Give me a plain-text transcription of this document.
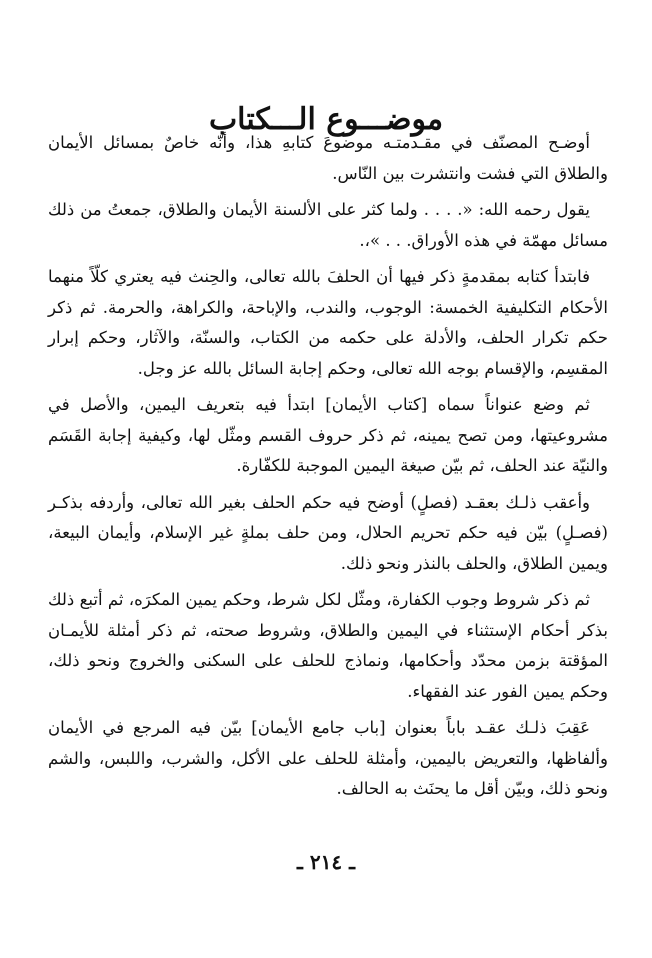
موضـــوع الـــكتاب

أوضـح المصنّف في مقـدمتـه موضوعَ كتابهِ هذا، وأنّه خاصٌ بمسائل الأيمان والطلاق التي فشت وانتشرت بين النّاس.

يقول رحمه الله: «. . . . ولما كثر على الألسنة الأيمان والطلاق، جمعتُ من ذلك مسائل مهمّة في هذه الأوراق. . . »،.

فابتدأ كتابه بمقدمةٍ ذكر فيها أن الحلفَ بالله تعالى، والحِنث فيه يعتري كلّاً منهما الأحكام التكليفية الخمسة: الوجوب، والندب، والإباحة، والكراهة، والحرمة. ثم ذكر حكم تكرار الحلف، والأدلة على حكمه من الكتاب، والسنّة، والآثار، وحكم إبرار المقسِم، والإقسام بوجه الله تعالى، وحكم إجابة السائل بالله عز وجل.

ثم وضع عنواناً سماه [كتاب الأيمان] ابتدأ فيه بتعريف اليمين، والأصل في مشروعيتها، ومن تصح يمينه، ثم ذكر حروف القسم ومثّل لها، وكيفية إجابة القَسَم والنيّة عند الحلف، ثم بيّن صيغة اليمين الموجبة للكفّارة.

وأعقب ذلـك بعقـد (فصلٍ) أوضح فيه حكم الحلف بغير الله تعالى، وأردفه بذكـر (فصـلٍ) بيّن فيه حكم تحريم الحلال، ومن حلف بملةٍ غير الإسلام، وأيمان البيعة، ويمين الطلاق، والحلف بالنذر ونحو ذلك.

ثم ذكر شروط وجوب الكفارة، ومثّل لكل شرط، وحكم يمين المكرَه، ثم أتبع ذلك بذكر أحكام الإستثناء في اليمين والطلاق، وشروط صحته، ثم ذكر أمثلة للأيمـان المؤقتة بزمن محدّد وأحكامها، ونماذج للحلف على السكنى والخروج ونحو ذلك، وحكم يمين الفور عند الفقهاء.

عَقِبَ ذلـك عقـد باباً بعنوان [باب جامع الأيمان] بيّن فيه المرجع في الأيمان وألفاظها، والتعريض باليمين، وأمثلة للحلف على الأكل، والشرب، واللبس، والشم ونحو ذلك، وبيّن أقل ما يحنَث به الحالف.

ـ ٢١٤ ـ
